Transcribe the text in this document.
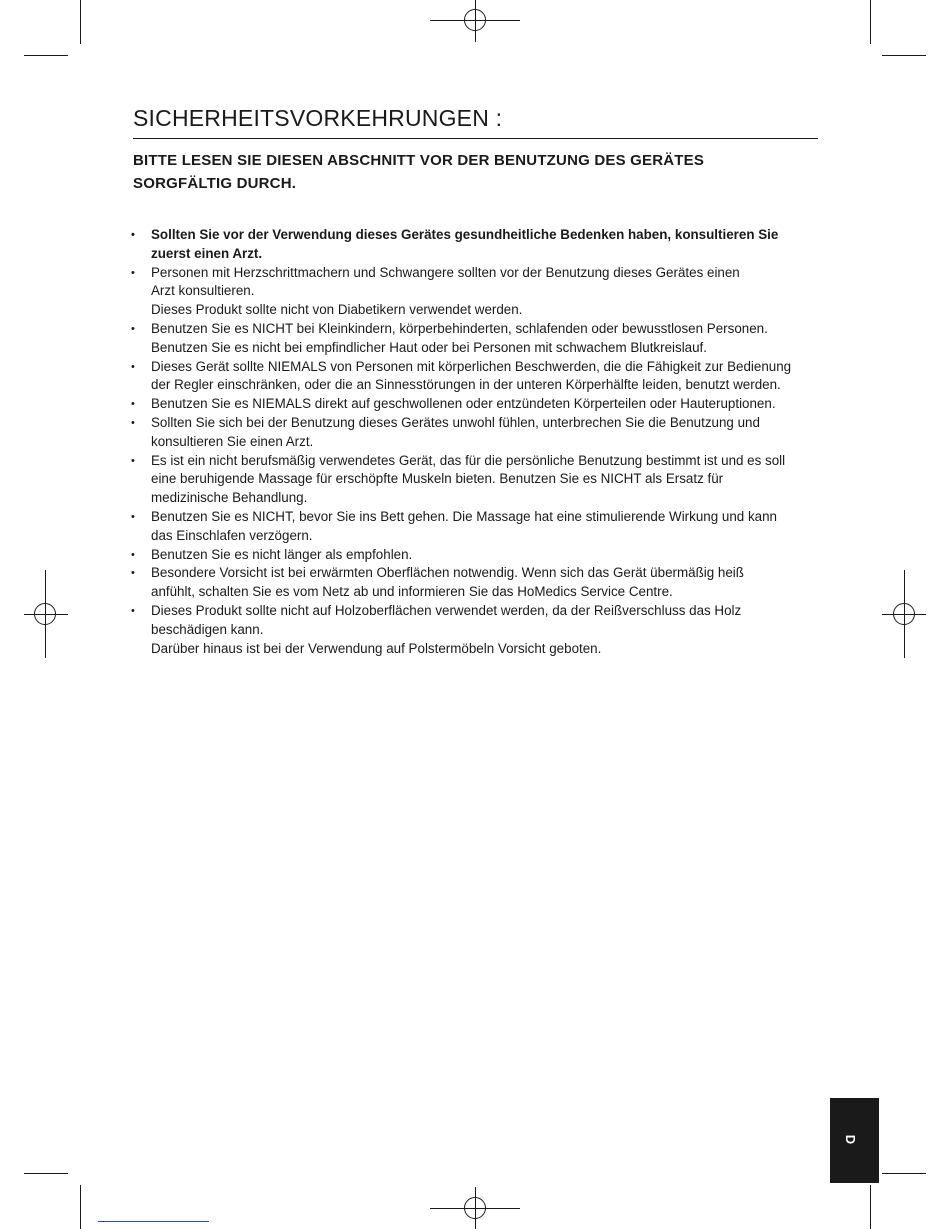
SICHERHEITSVORKEHRUNGEN :
BITTE LESEN SIE DIESEN ABSCHNITT VOR DER BENUTZUNG DES GERÄTES
SORGFÄLTIG DURCH.
•	Sollten Sie vor der Verwendung dieses Gerätes gesundheitliche Bedenken haben, konsultieren Sie
zuerst einen Arzt.
•	Personen mit Herzschrittmachern und Schwangere sollten vor der Benutzung dieses Gerätes einen
Arzt konsultieren.
Dieses Produkt sollte nicht von Diabetikern verwendet werden.
•	Benutzen Sie es NICHT bei Kleinkindern, körperbehinderten, schlafenden oder bewusstlosen Personen.
Benutzen Sie es nicht bei empfindlicher Haut oder bei Personen mit schwachem Blutkreislauf.
•	Dieses Gerät sollte NIEMALS von Personen mit körperlichen Beschwerden, die die Fähigkeit zur Bedienung
der Regler einschränken, oder die an Sinnesstörungen in der unteren Körperhälfte leiden, benutzt werden.
•	Benutzen Sie es NIEMALS direkt auf geschwollenen oder entzündeten Körperteilen oder Hauteruptionen.
•	Sollten Sie sich bei der Benutzung dieses Gerätes unwohl fühlen, unterbrechen Sie die Benutzung und
konsultieren Sie einen Arzt.
•	Es ist ein nicht berufsmäßig verwendetes Gerät, das für die persönliche Benutzung bestimmt ist und es soll
eine beruhigende Massage für erschöpfte Muskeln bieten. Benutzen Sie es NICHT als Ersatz für
medizinische Behandlung.
•	Benutzen Sie es NICHT, bevor Sie ins Bett gehen. Die Massage hat eine stimulierende Wirkung und kann
das Einschlafen verzögern.
•	Benutzen Sie es nicht länger als empfohlen.
•	Besondere Vorsicht ist bei erwärmten Oberflächen notwendig. Wenn sich das Gerät übermäßig heiß
anfühlt, schalten Sie es vom Netz ab und informieren Sie das HoMedics Service Centre.
•	Dieses Produkt sollte nicht auf Holzoberflächen verwendet werden, da der Reißverschluss das Holz
beschädigen kann.
Darüber hinaus ist bei der Verwendung auf Polstermöbeln Vorsicht geboten.
D
